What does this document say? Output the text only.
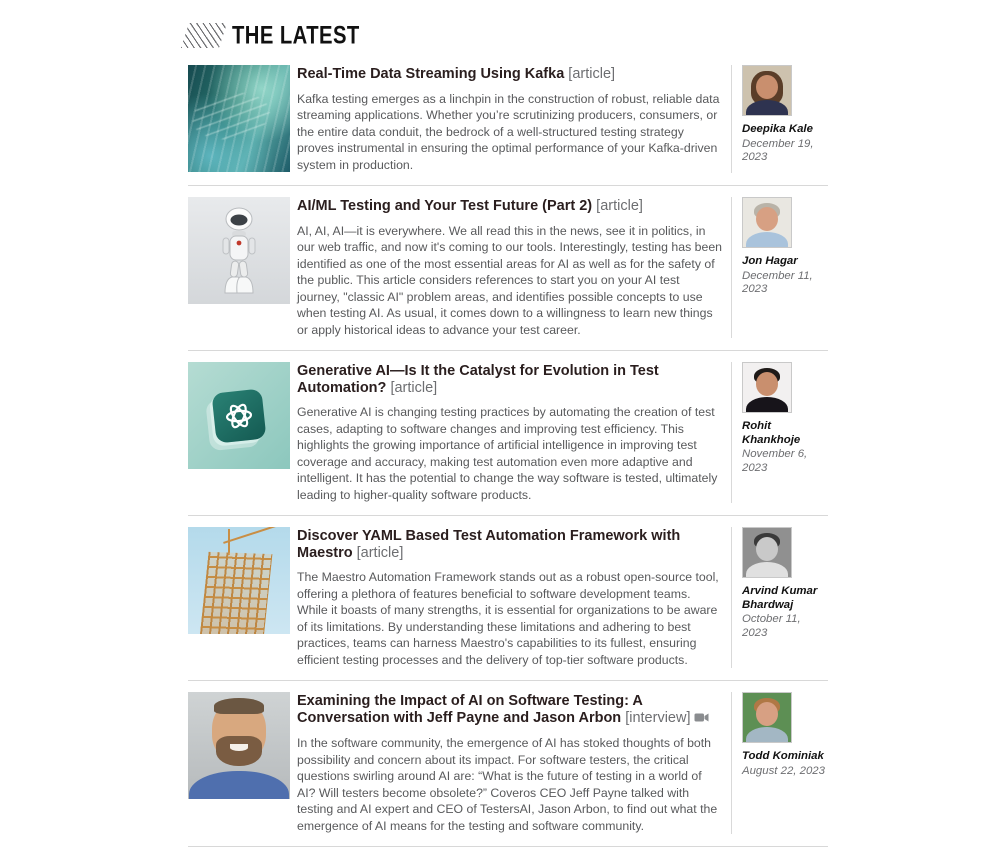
THE LATEST
Real-Time Data Streaming Using Kafka [article]

Kafka testing emerges as a linchpin in the construction of robust, reliable data streaming applications. Whether you’re scrutinizing producers, consumers, or the entire data conduit, the bedrock of a well-structured testing strategy proves instrumental in ensuring the optimal performance of your Kafka-driven system in production.

Deepika Kale
December 19, 2023
AI/ML Testing and Your Test Future (Part 2) [article]

AI, AI, AI—it is everywhere. We all read this in the news, see it in politics, in our web traffic, and now it's coming to our tools. Interestingly, testing has been identified as one of the most essential areas for AI as well as for the safety of the public. This article considers references to start you on your AI test journey, "classic AI" problem areas, and identifies possible concepts to use when testing AI. As usual, it comes down to a willingness to learn new things or apply historical ideas to advance your test career.

Jon Hagar
December 11, 2023
Generative AI—Is It the Catalyst for Evolution in Test Automation? [article]

Generative AI is changing testing practices by automating the creation of test cases, adapting to software changes and improving test efficiency. This highlights the growing importance of artificial intelligence in improving test coverage and accuracy, making test automation even more adaptive and intelligent. It has the potential to change the way software is tested, ultimately leading to higher-quality software products.

Rohit Khankhoje
November 6, 2023
Discover YAML Based Test Automation Framework with Maestro [article]

The Maestro Automation Framework stands out as a robust open-source tool, offering a plethora of features beneficial to software development teams. While it boasts of many strengths, it is essential for organizations to be aware of its limitations. By understanding these limitations and adhering to best practices, teams can harness Maestro's capabilities to its fullest, ensuring efficient testing processes and the delivery of top-tier software products.

Arvind Kumar Bhardwaj
October 11, 2023
Examining the Impact of AI on Software Testing: A Conversation with Jeff Payne and Jason Arbon [interview]

In the software community, the emergence of AI has stoked thoughts of both possibility and concern about its impact. For software testers, the critical questions swirling around AI are: “What is the future of testing in a world of AI? Will testers become obsolete?” Coveros CEO Jeff Payne talked with testing and AI expert and CEO of TestersAI, Jason Arbon, to find out what the emergence of AI means for the testing and software community.

Todd Kominiak
August 22, 2023
